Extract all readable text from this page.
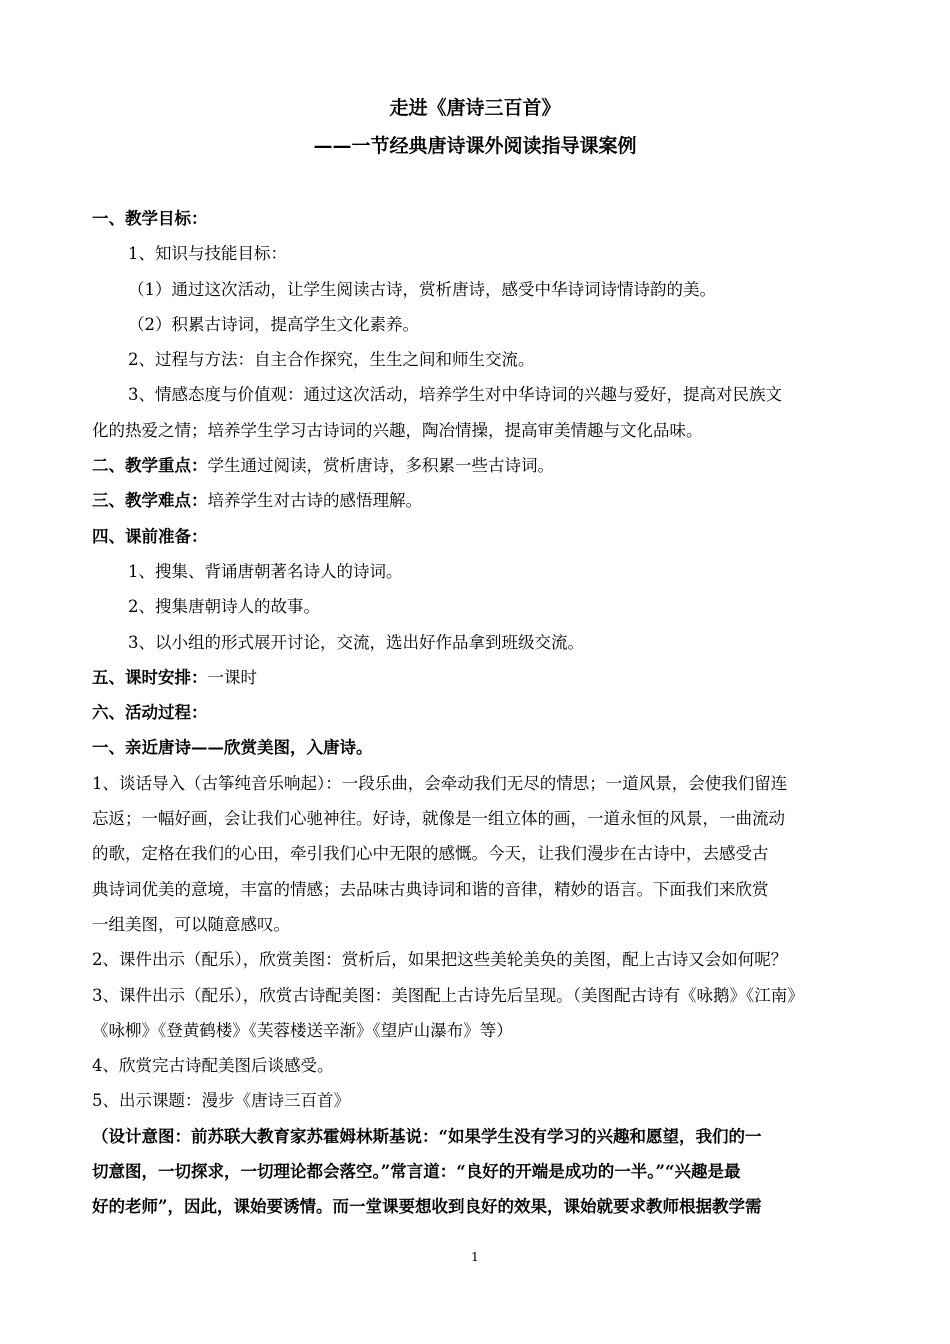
走进《唐诗三百首》
——一节经典唐诗课外阅读指导课案例

一、教学目标：

1、知识与技能目标：

（1）通过这次活动，让学生阅读古诗，赏析唐诗，感受中华诗词诗情诗韵的美。

（2）积累古诗词，提高学生文化素养。

2、过程与方法：自主合作探究，生生之间和师生交流。

3、情感态度与价值观：通过这次活动，培养学生对中华诗词的兴趣与爱好，提高对民族文

化的热爱之情；培养学生学习古诗词的兴趣，陶冶情操，提高审美情趣与文化品味。

二、教学重点：学生通过阅读，赏析唐诗，多积累一些古诗词。

三、教学难点：培养学生对古诗的感悟理解。

四、课前准备：

1、搜集、背诵唐朝著名诗人的诗词。

2、搜集唐朝诗人的故事。

3、以小组的形式展开讨论，交流，选出好作品拿到班级交流。

五、课时安排：一课时

六、活动过程：

一、亲近唐诗——欣赏美图，入唐诗。

1、谈话导入（古筝纯音乐响起）：一段乐曲，会牵动我们无尽的情思；一道风景，会使我们留连

忘返；一幅好画，会让我们心驰神往。好诗，就像是一组立体的画，一道永恒的风景，一曲流动

的歌，定格在我们的心田，牵引我们心中无限的感慨。今天，让我们漫步在古诗中，去感受古

典诗词优美的意境，丰富的情感；去品味古典诗词和谐的音律，精妙的语言。下面我们来欣赏

一组美图，可以随意感叹。

2、课件出示（配乐），欣赏美图：赏析后，如果把这些美轮美奂的美图，配上古诗又会如何呢？

3、课件出示（配乐），欣赏古诗配美图：美图配上古诗先后呈现。（美图配古诗有《咏鹅》《江南》

《咏柳》《登黄鹤楼》《芙蓉楼送辛渐》《望庐山瀑布》等）

4、欣赏完古诗配美图后谈感受。

5、出示课题：漫步《唐诗三百首》

（设计意图：前苏联大教育家苏霍姆林斯基说：“如果学生没有学习的兴趣和愿望，我们的一

切意图，一切探求，一切理论都会落空。”常言道：“良好的开端是成功的一半。”“兴趣是最

好的老师”，因此，课始要诱情。而一堂课要想收到良好的效果，课始就要求教师根据教学需

1
